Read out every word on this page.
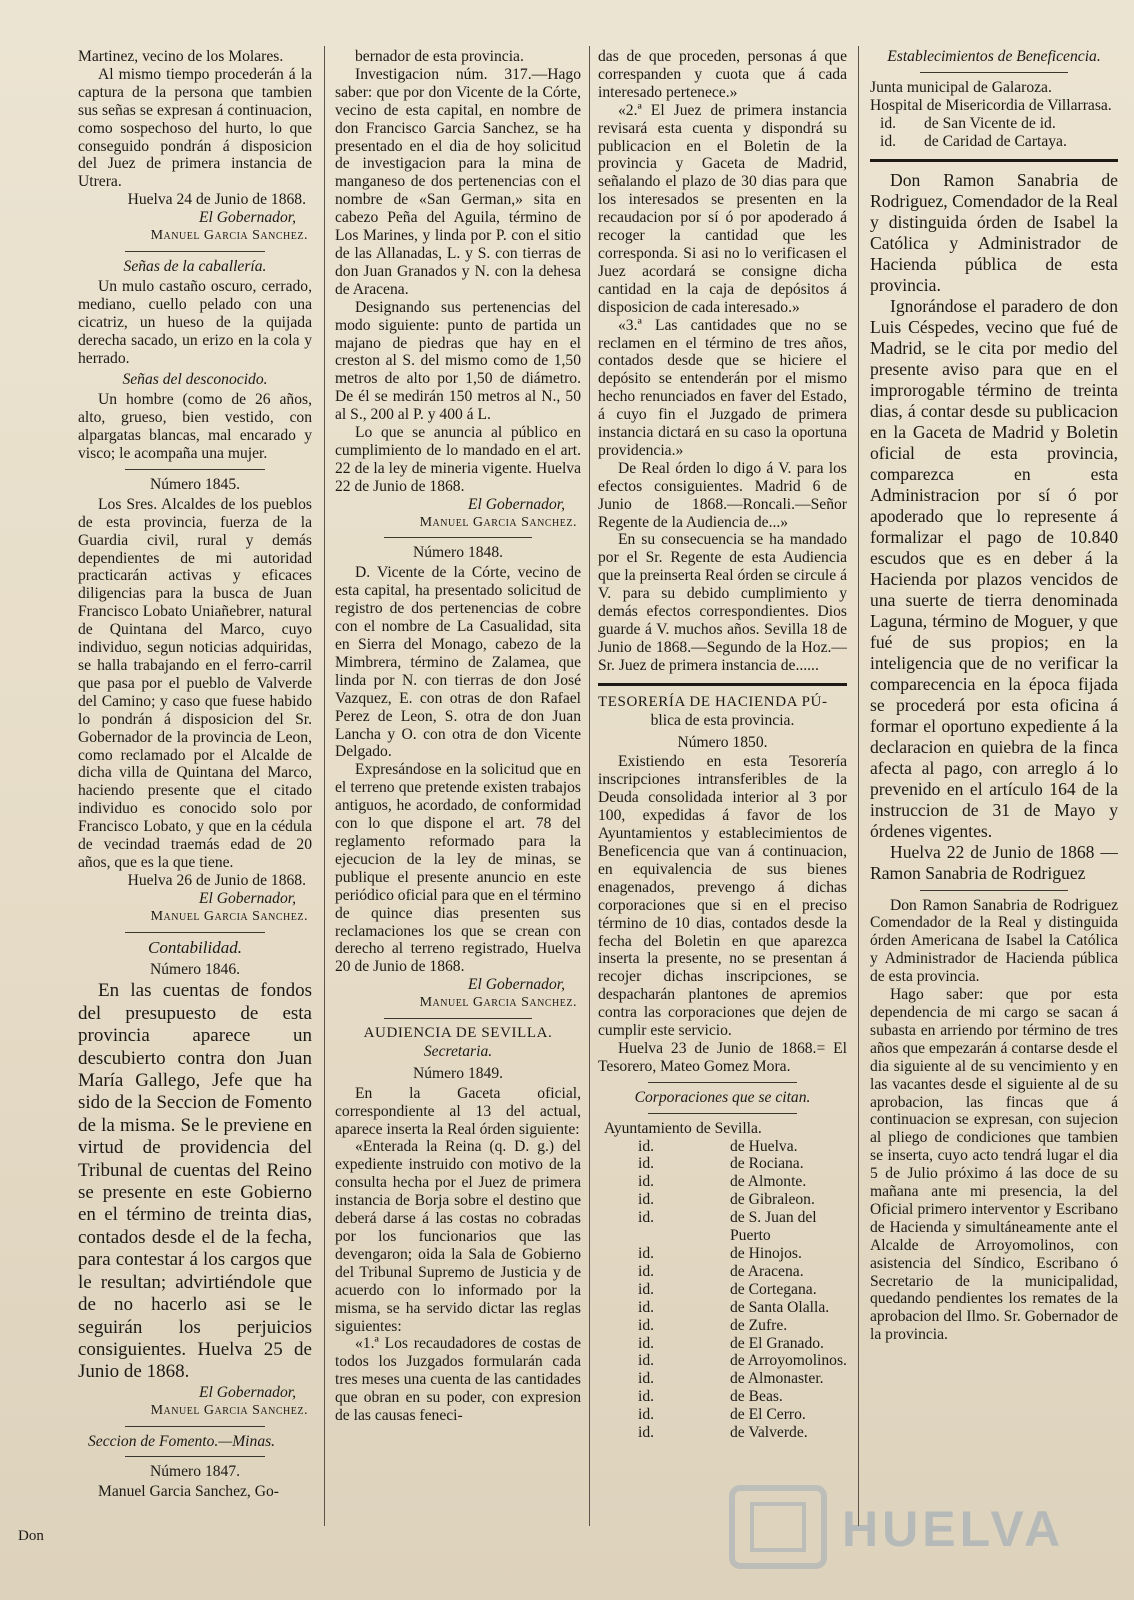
Martinez, vecino de los Molares.

Al mismo tiempo procederán á la captura de la persona que tambien sus señas se expresan á continuacion, como sospechoso del hurto, lo que conseguido pondrán á disposicion del Juez de primera instancia de Utrera.

Huelva 24 de Junio de 1868.

El Gobernador,

Manuel Garcia Sanchez.

Señas de la caballería.

Un mulo castaño oscuro, cerrado, mediano, cuello pelado con una cicatriz, un hueso de la quijada derecha sacado, un erizo en la cola y herrado.

Señas del desconocido.

Un hombre (como de 26 años, alto, grueso, bien vestido, con alpargatas blancas, mal encarado y visco; le acompaña una mujer.

Número 1845.

Los Sres. Alcaldes de los pueblos de esta provincia, fuerza de la Guardia civil, rural y demás dependientes de mi autoridad practicarán activas y eficaces diligencias para la busca de Juan Francisco Lobato Uniañebrer, natural de Quintana del Marco, cuyo individuo, segun noticias adquiridas, se halla trabajando en el ferro-carril que pasa por el pueblo de Valverde del Camino; y caso que fuese habido lo pondrán á disposicion del Sr. Gobernador de la provincia de Leon, como reclamado por el Alcalde de dicha villa de Quintana del Marco, haciendo presente que el citado individuo es conocido solo por Francisco Lobato, y que en la cédula de vecindad traemás edad de 20 años, que es la que tiene.

Huelva 26 de Junio de 1868.

El Gobernador,

Manuel Garcia Sanchez.

Contabilidad.

Número 1846.

En las cuentas de fondos del presupuesto de esta provincia aparece un descubierto contra don Juan María Gallego, Jefe que ha sido de la Seccion de Fomento de la misma. Se le previene en virtud de providencia del Tribunal de cuentas del Reino se presente en este Gobierno en el término de treinta dias, contados desde el de la fecha, para contestar á los cargos que le resultan; advirtiéndole que de no hacerlo asi se le seguirán los perjuicios consiguientes. Huelva 25 de Junio de 1868.

El Gobernador,

Manuel Garcia Sanchez.

Seccion de Fomento.—Minas.

Número 1847.

Manuel Garcia Sanchez, Go-

bernador de esta provincia.

Investigacion núm. 317.—Hago saber: que por don Vicente de la Córte, vecino de esta capital, en nombre de don Francisco Garcia Sanchez, se ha presentado en el dia de hoy solicitud de investigacion para la mina de manganeso de dos pertenencias con el nombre de «San German,» sita en cabezo Peña del Aguila, término de Los Marines, y linda por P. con el sitio de las Allanadas, L. y S. con tierras de don Juan Granados y N. con la dehesa de Aracena.

Designando sus pertenencias del modo siguiente: punto de partida un majano de piedras que hay en el creston al S. del mismo como de 1,50 metros de alto por 1,50 de diámetro. De él se medirán 150 metros al N., 50 al S., 200 al P. y 400 á L.

Lo que se anuncia al público en cumplimiento de lo mandado en el art. 22 de la ley de mineria vigente. Huelva 22 de Junio de 1868.

El Gobernador,

Manuel Garcia Sanchez.

Número 1848.

D. Vicente de la Córte, vecino de esta capital, ha presentado solicitud de registro de dos pertenencias de cobre con el nombre de La Casualidad, sita en Sierra del Monago, cabezo de la Mimbrera, término de Zalamea, que linda por N. con tierras de don José Vazquez, E. con otras de don Rafael Perez de Leon, S. otra de don Juan Lancha y O. con otra de don Vicente Delgado.

Expresándose en la solicitud que en el terreno que pretende existen trabajos antiguos, he acordado, de conformidad con lo que dispone el art. 78 del reglamento reformado para la ejecucion de la ley de minas, se publique el presente anuncio en este periódico oficial para que en el término de quince dias presenten sus reclamaciones los que se crean con derecho al terreno registrado, Huelva 20 de Junio de 1868.

El Gobernador,

Manuel Garcia Sanchez.

AUDIENCIA DE SEVILLA.

Secretaria.

Número 1849.

En la Gaceta oficial, correspondiente al 13 del actual, aparece inserta la Real órden siguiente:

«Enterada la Reina (q. D. g.) del expediente instruido con motivo de la consulta hecha por el Juez de primera instancia de Borja sobre el destino que deberá darse á las costas no cobradas por los funcionarios que las devengaron; oida la Sala de Gobierno del Tribunal Supremo de Justicia y de acuerdo con lo informado por la misma, se ha servido dictar las reglas siguientes:

«1.ª Los recaudadores de costas de todos los Juzgados formularán cada tres meses una cuenta de las cantidades que obran en su poder, con expresion de las causas feneci-

das de que proceden, personas á que correspanden y cuota que á cada interesado pertenece.»

«2.ª El Juez de primera instancia revisará esta cuenta y dispondrá su publicacion en el Boletin de la provincia y Gaceta de Madrid, señalando el plazo de 30 dias para que los interesados se presenten en la recaudacion por sí ó por apoderado á recoger la cantidad que les corresponda. Si asi no lo verificasen el Juez acordará se consigne dicha cantidad en la caja de depósitos á disposicion de cada interesado.»

«3.ª Las cantidades que no se reclamen en el término de tres años, contados desde que se hiciere el depósito se entenderán por el mismo hecho renunciados en faver del Estado, á cuyo fin el Juzgado de primera instancia dictará en su caso la oportuna providencia.»

De Real órden lo digo á V. para los efectos consiguientes. Madrid 6 de Junio de 1868.—Roncali.—Señor Regente de la Audiencia de...»

En su consecuencia se ha mandado por el Sr. Regente de esta Audiencia que la preinserta Real órden se circule á V. para su debido cumplimiento y demás efectos correspondientes. Dios guarde á V. muchos años. Sevilla 18 de Junio de 1868.—Segundo de la Hoz.—Sr. Juez de primera instancia de......

TESORERÍA DE HACIENDA PÚ-

blica de esta provincia.

Número 1850.

Existiendo en esta Tesorería inscripciones intransferibles de la Deuda consolidada interior al 3 por 100, expedidas á favor de los Ayuntamientos y establecimientos de Beneficencia que van á continuacion, en equivalencia de sus bienes enagenados, prevengo á dichas corporaciones que si en el preciso término de 10 dias, contados desde la fecha del Boletin en que aparezca inserta la presente, no se presentan á recojer dichas inscripciones, se despacharán plantones de apremios contra las corporaciones que dejen de cumplir este servicio.

Huelva 23 de Junio de 1868.= El Tesorero, Mateo Gomez Mora.

Corporaciones que se citan.

Ayuntamiento de Sevilla.
id.	de Huelva.
id.	de Rociana.
id.	de Almonte.
id.	de Gibraleon.
id.	de S. Juan del Puerto
id.	de Hinojos.
id.	de Aracena.
id.	de Cortegana.
id.	de Santa Olalla.
id.	de Zufre.
id.	de El Granado.
id.	de Arroyomolinos.
id.	de Almonaster.
id.	de Beas.
id.	de El Cerro.
id.	de Valverde.

Establecimientos de Beneficencia.

Junta municipal de Galaroza.

Hospital de Misericordia de Villarrasa.

id.	de San Vicente de id.
id.	de Caridad de Cartaya.

Don Ramon Sanabria de Rodriguez, Comendador de la Real y distinguida órden de Isabel la Católica y Administrador de Hacienda pública de esta provincia.

Ignorándose el paradero de don Luis Céspedes, vecino que fué de Madrid, se le cita por medio del presente aviso para que en el improrogable término de treinta dias, á contar desde su publicacion en la Gaceta de Madrid y Boletin oficial de esta provincia, comparezca en esta Administracion por sí ó por apoderado que lo represente á formalizar el pago de 10.840 escudos que es en deber á la Hacienda por plazos vencidos de una suerte de tierra denominada Laguna, término de Moguer, y que fué de sus propios; en la inteligencia que de no verificar la comparecencia en la época fijada se procederá por esta oficina á formar el oportuno expediente á la declaracion en quiebra de la finca afecta al pago, con arreglo á lo prevenido en el artículo 164 de la instruccion de 31 de Mayo y órdenes vigentes.

Huelva 22 de Junio de 1868 —Ramon Sanabria de Rodriguez

Don Ramon Sanabria de Rodriguez Comendador de la Real y distinguida órden Americana de Isabel la Católica y Administrador de Hacienda pública de esta provincia.

Hago saber: que por esta dependencia de mi cargo se sacan á subasta en arriendo por término de tres años que empezarán á contarse desde el dia siguiente al de su vencimiento y en las vacantes desde el siguiente al de su aprobacion, las fincas que á continuacion se expresan, con sujecion al pliego de condiciones que tambien se inserta, cuyo acto tendrá lugar el dia 5 de Julio próximo á las doce de su mañana ante mi presencia, la del Oficial primero interventor y Escribano de Hacienda y simultáneamente ante el Alcalde de Arroyomolinos, con asistencia del Síndico, Escribano ó Secretario de la municipalidad, quedando pendientes los remates de la aprobacion del Ilmo. Sr. Gobernador de la provincia.

Don	HUELVA
